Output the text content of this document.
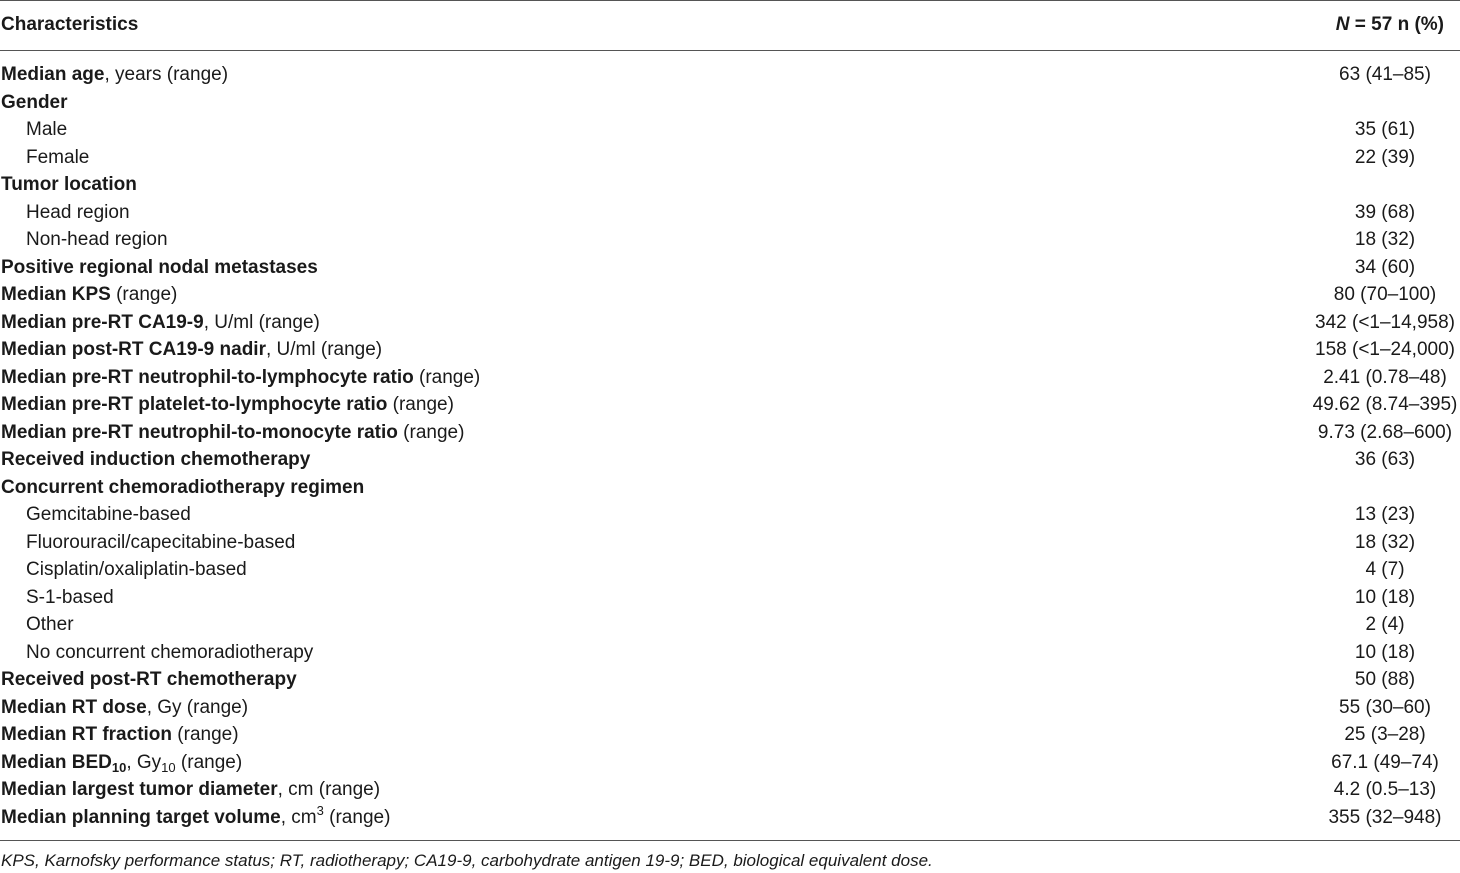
Characteristics	N = 57 n (%)
Median age, years (range)	63 (41–85)
Gender
Male	35 (61)
Female	22 (39)
Tumor location
Head region	39 (68)
Non-head region	18 (32)
Positive regional nodal metastases	34 (60)
Median KPS (range)	80 (70–100)
Median pre-RT CA19-9, U/ml (range)	342 (<1–14,958)
Median post-RT CA19-9 nadir, U/ml (range)	158 (<1–24,000)
Median pre-RT neutrophil-to-lymphocyte ratio (range)	2.41 (0.78–48)
Median pre-RT platelet-to-lymphocyte ratio (range)	49.62 (8.74–395)
Median pre-RT neutrophil-to-monocyte ratio (range)	9.73 (2.68–600)
Received induction chemotherapy	36 (63)
Concurrent chemoradiotherapy regimen
Gemcitabine-based	13 (23)
Fluorouracil/capecitabine-based	18 (32)
Cisplatin/oxaliplatin-based	4 (7)
S-1-based	10 (18)
Other	2 (4)
No concurrent chemoradiotherapy	10 (18)
Received post-RT chemotherapy	50 (88)
Median RT dose, Gy (range)	55 (30–60)
Median RT fraction (range)	25 (3–28)
Median $BED_{10}$, $Gy_{10}$ (range)	67.1 (49–74)
Median largest tumor diameter, cm (range)	4.2 (0.5–13)
Median planning target volume, $cm^3$ (range)	355 (32–948)
KPS, Karnofsky performance status; RT, radiotherapy; CA19-9, carbohydrate antigen 19-9; BED, biological equivalent dose.
